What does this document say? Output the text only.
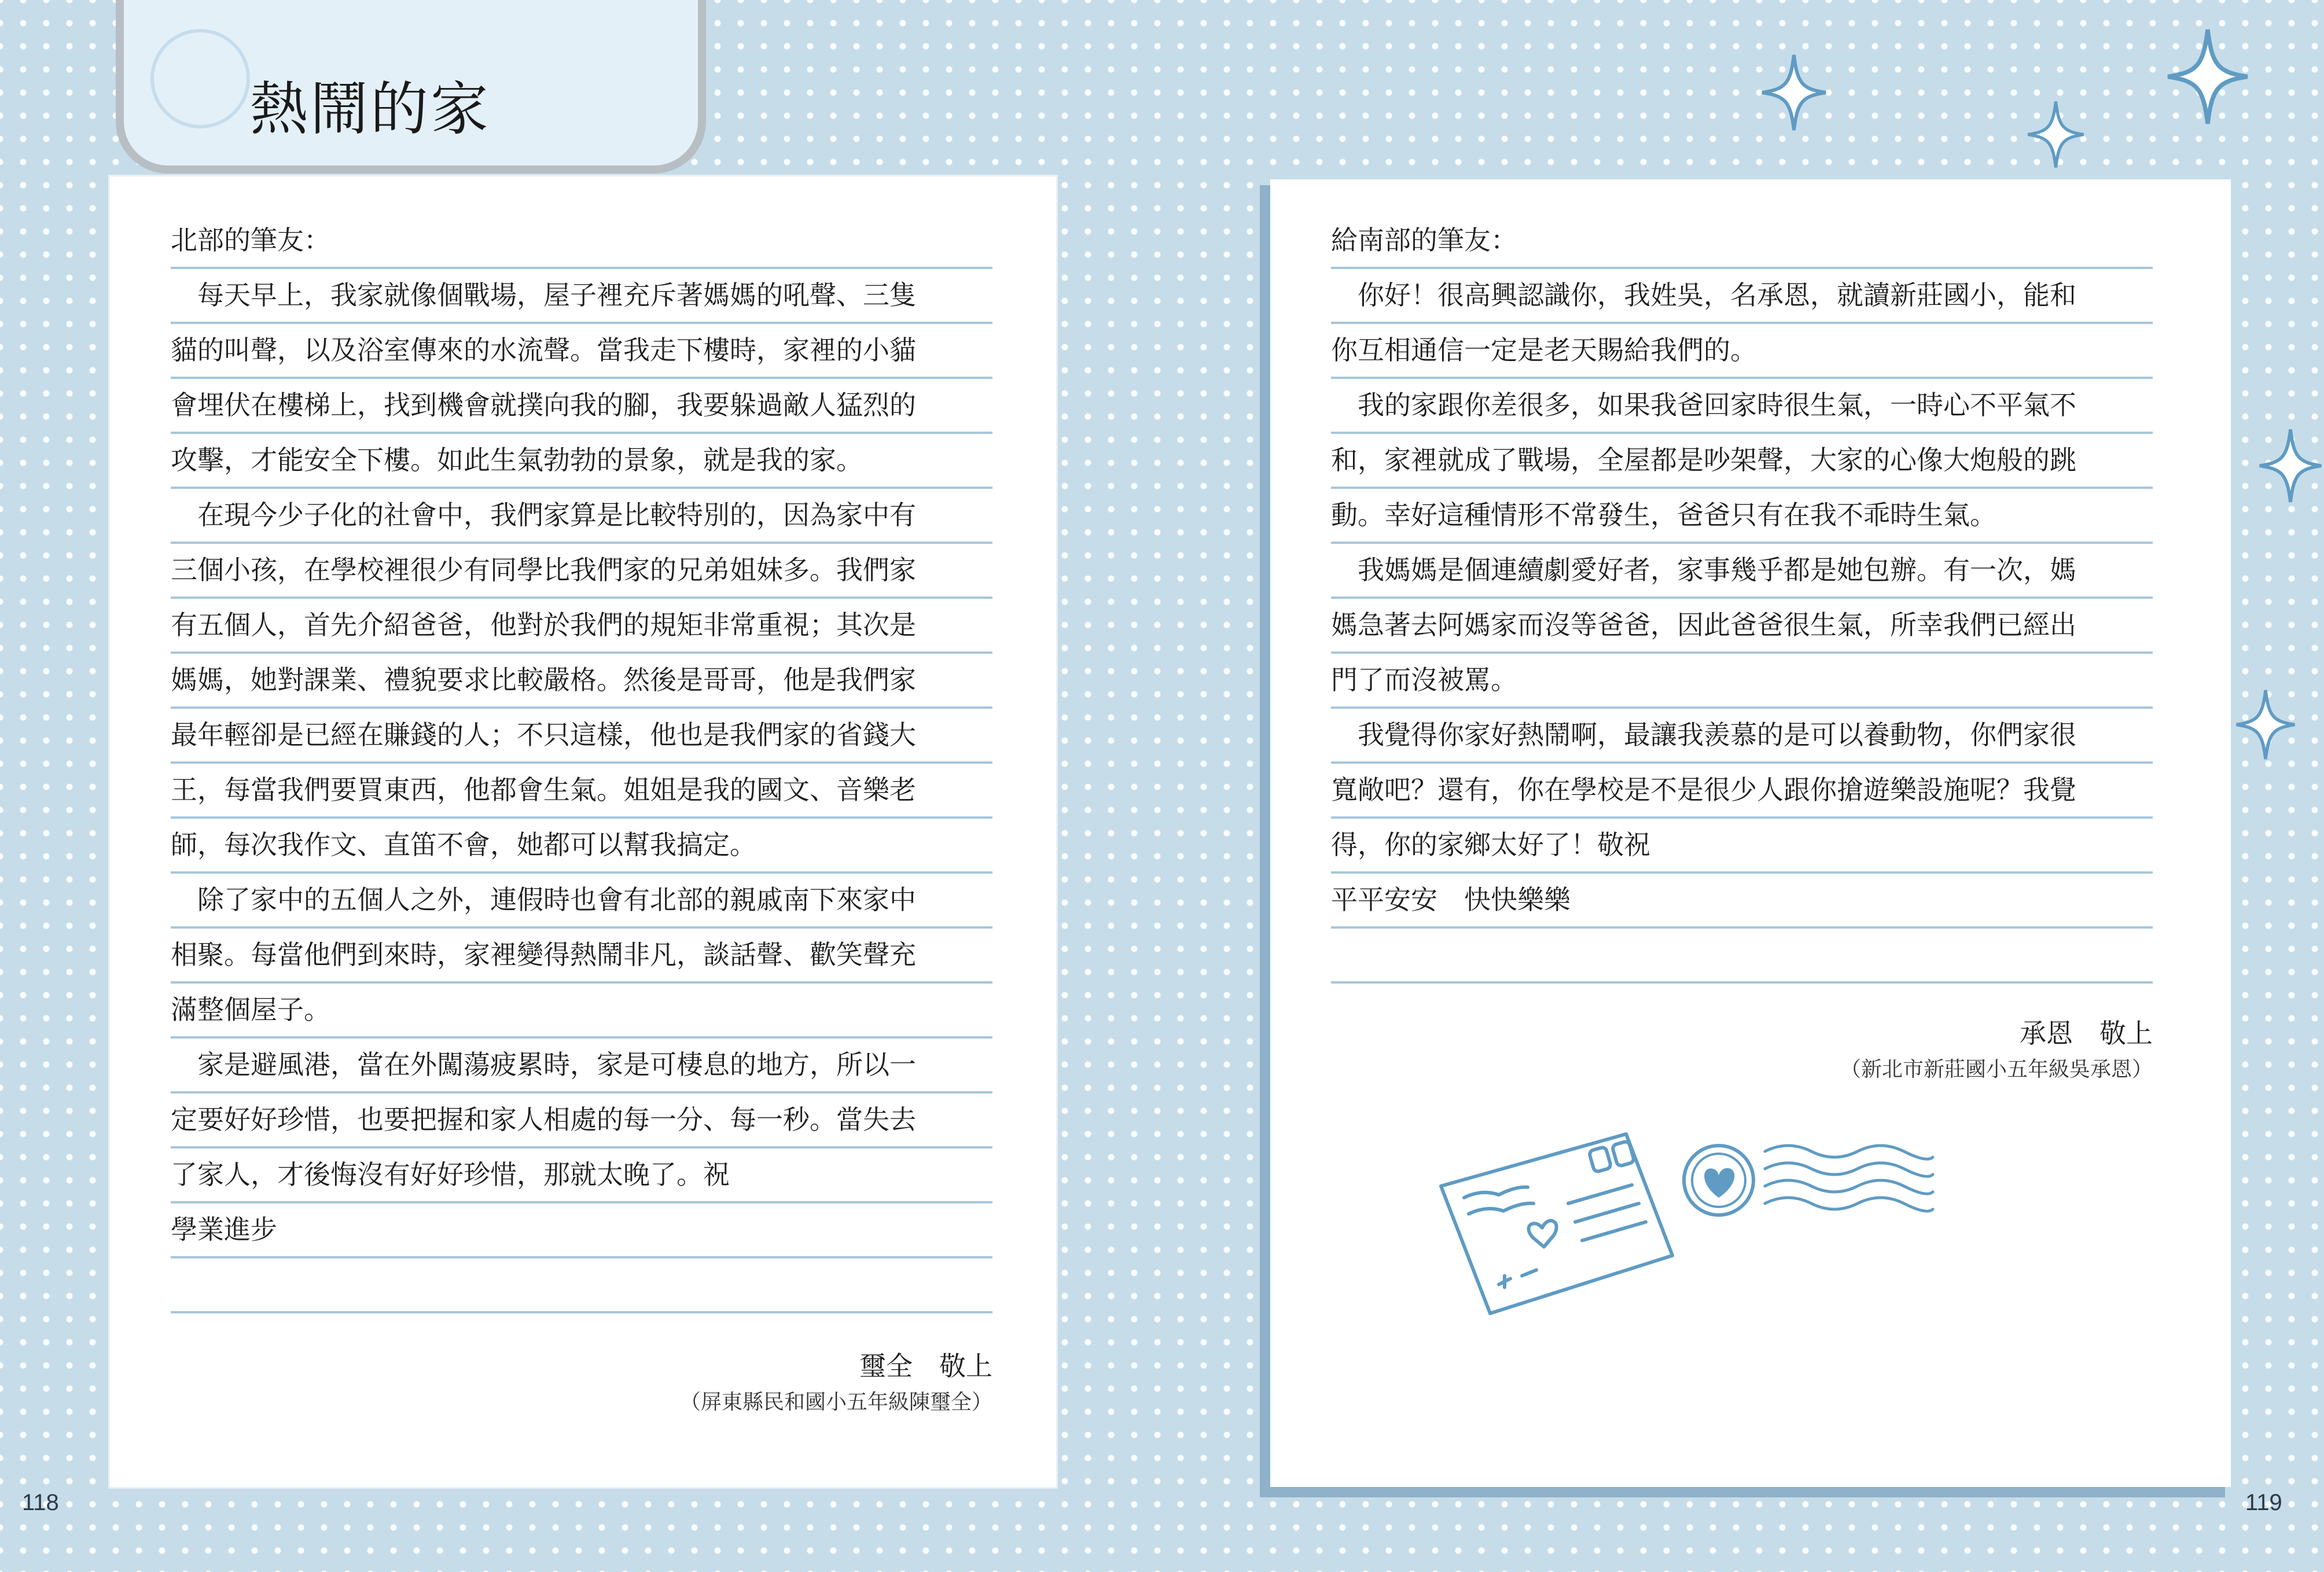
熱鬧的家
北部的筆友：
　每天早上，我家就像個戰場，屋子裡充斥著媽媽的吼聲、三隻
貓的叫聲，以及浴室傳來的水流聲。當我走下樓時，家裡的小貓
會埋伏在樓梯上，找到機會就撲向我的腳，我要躲過敵人猛烈的
攻擊，才能安全下樓。如此生氣勃勃的景象，就是我的家。
　在現今少子化的社會中，我們家算是比較特別的，因為家中有
三個小孩，在學校裡很少有同學比我們家的兄弟姐妹多。我們家
有五個人，首先介紹爸爸，他對於我們的規矩非常重視；其次是
媽媽，她對課業、禮貌要求比較嚴格。然後是哥哥，他是我們家
最年輕卻是已經在賺錢的人；不只這樣，他也是我們家的省錢大
王，每當我們要買東西，他都會生氣。姐姐是我的國文、音樂老
師，每次我作文、直笛不會，她都可以幫我搞定。
　除了家中的五個人之外，連假時也會有北部的親戚南下來家中
相聚。每當他們到來時，家裡變得熱鬧非凡，談話聲、歡笑聲充
滿整個屋子。
　家是避風港，當在外闖蕩疲累時，家是可棲息的地方，所以一
定要好好珍惜，也要把握和家人相處的每一分、每一秒。當失去
了家人，才後悔沒有好好珍惜，那就太晚了。祝
學業進步
璽全　敬上
（屏東縣民和國小五年級陳璽全）
給南部的筆友：
　你好！很高興認識你，我姓吳，名承恩，就讀新莊國小，能和
你互相通信一定是老天賜給我們的。
　我的家跟你差很多，如果我爸回家時很生氣，一時心不平氣不
和，家裡就成了戰場，全屋都是吵架聲，大家的心像大炮般的跳
動。幸好這種情形不常發生，爸爸只有在我不乖時生氣。
　我媽媽是個連續劇愛好者，家事幾乎都是她包辦。有一次，媽
媽急著去阿媽家而沒等爸爸，因此爸爸很生氣，所幸我們已經出
門了而沒被罵。
　我覺得你家好熱鬧啊，最讓我羨慕的是可以養動物，你們家很
寬敞吧？還有，你在學校是不是很少人跟你搶遊樂設施呢？我覺
得，你的家鄉太好了！敬祝
平平安安　快快樂樂
承恩　敬上
（新北市新莊國小五年級吳承恩）
118	119
